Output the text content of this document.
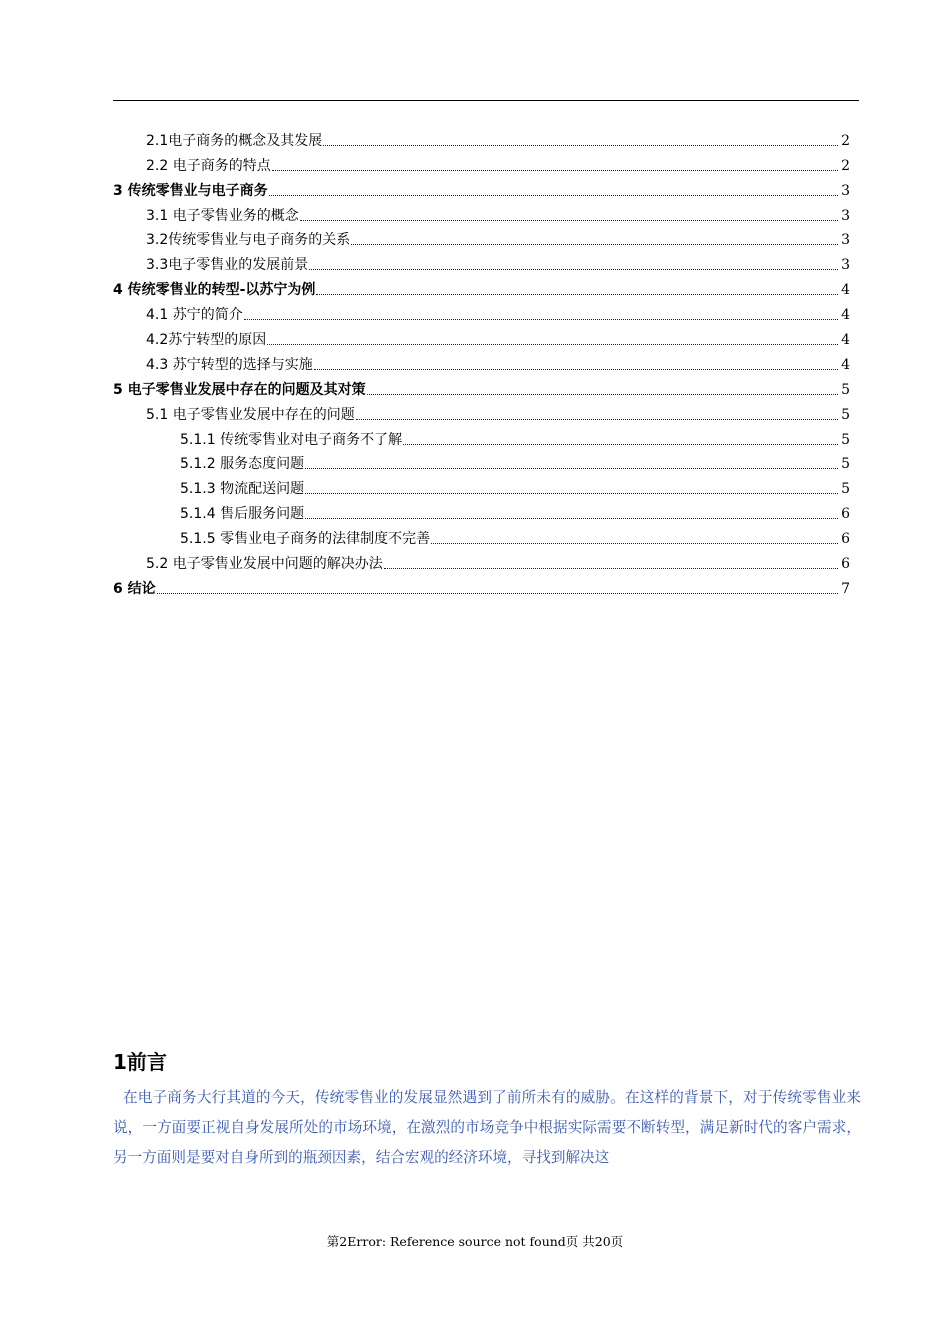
2.1电子商务的概念及其发展	2
2.2 电子商务的特点	2
3 传统零售业与电子商务	3
3.1 电子零售业务的概念	3
3.2传统零售业与电子商务的关系	3
3.3电子零售业的发展前景	3
4 传统零售业的转型-以苏宁为例	4
4.1 苏宁的简介	4
4.2苏宁转型的原因	4
4.3 苏宁转型的选择与实施	4
5 电子零售业发展中存在的问题及其对策	5
5.1 电子零售业发展中存在的问题	5
5.1.1 传统零售业对电子商务不了解	5
5.1.2 服务态度问题	5
5.1.3 物流配送问题	5
5.1.4 售后服务问题	6
5.1.5 零售业电子商务的法律制度不完善	6
5.2 电子零售业发展中问题的解决办法	6
6 结论	7
1前言

在电子商务大行其道的今天，传统零售业的发展显然遇到了前所未有的威胁。在这样的背景下，对于传统零售业来说，一方面要正视自身发展所处的市场环境，在激烈的市场竞争中根据实际需要不断转型，满足新时代的客户需求，另一方面则是要对自身所到的瓶颈因素，结合宏观的经济环境，寻找到解决这

第2Error: Reference source not found页 共20页
